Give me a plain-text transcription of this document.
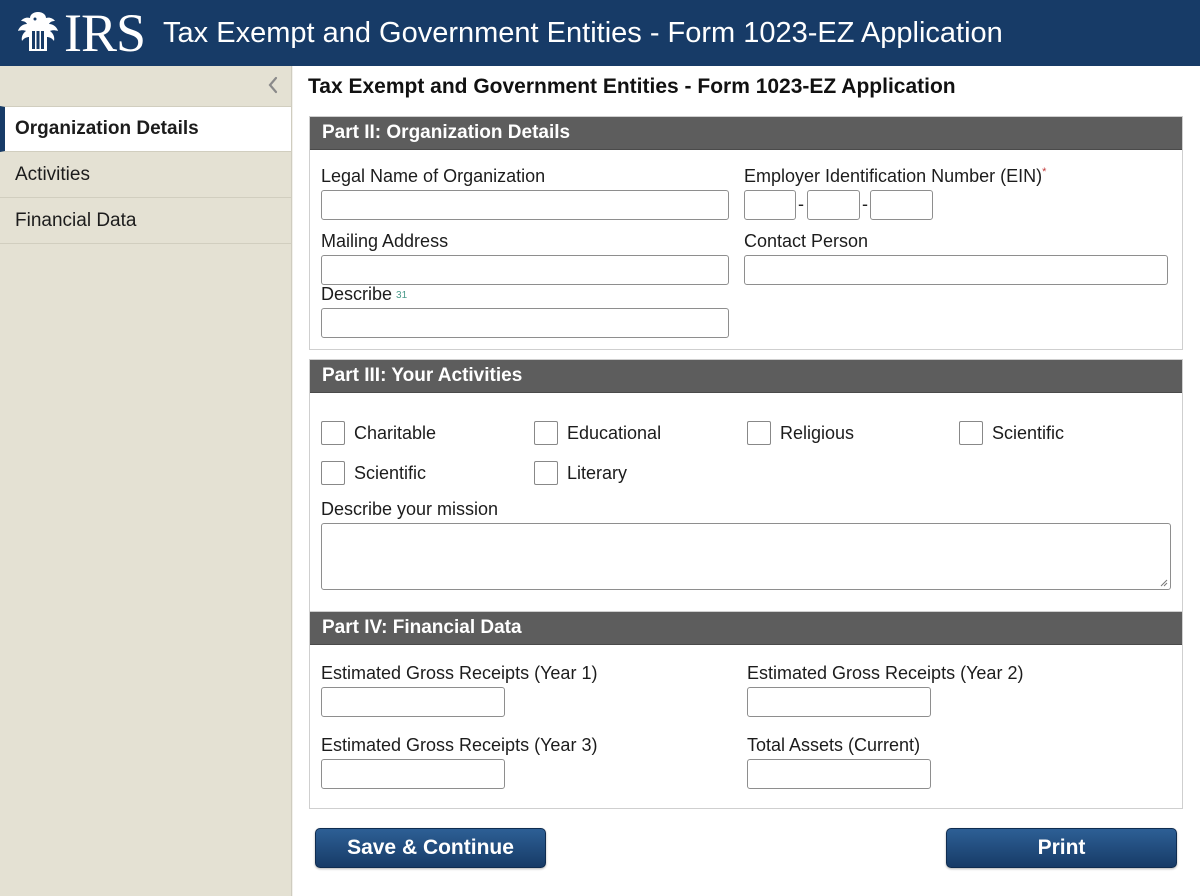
IRS Tax Exempt and Government Entities - Form 1023-EZ Application
Organization Details
Activities
Financial Data
Tax Exempt and Government Entities - Form 1023-EZ Application
Part II: Organization Details
Legal Name of Organization	Employer Identification Number (EIN)*
-	-
Mailing Address	Contact Person
Describe 31
Part III: Your Activities
Charitable	Educational	Religious	Scientific
Scientific	Literary
Describe your mission
Part IV: Financial Data
Estimated Gross Receipts (Year 1)	Estimated Gross Receipts (Year 2)
Estimated Gross Receipts (Year 3)	Total Assets (Current)
Save & Continue	Print
